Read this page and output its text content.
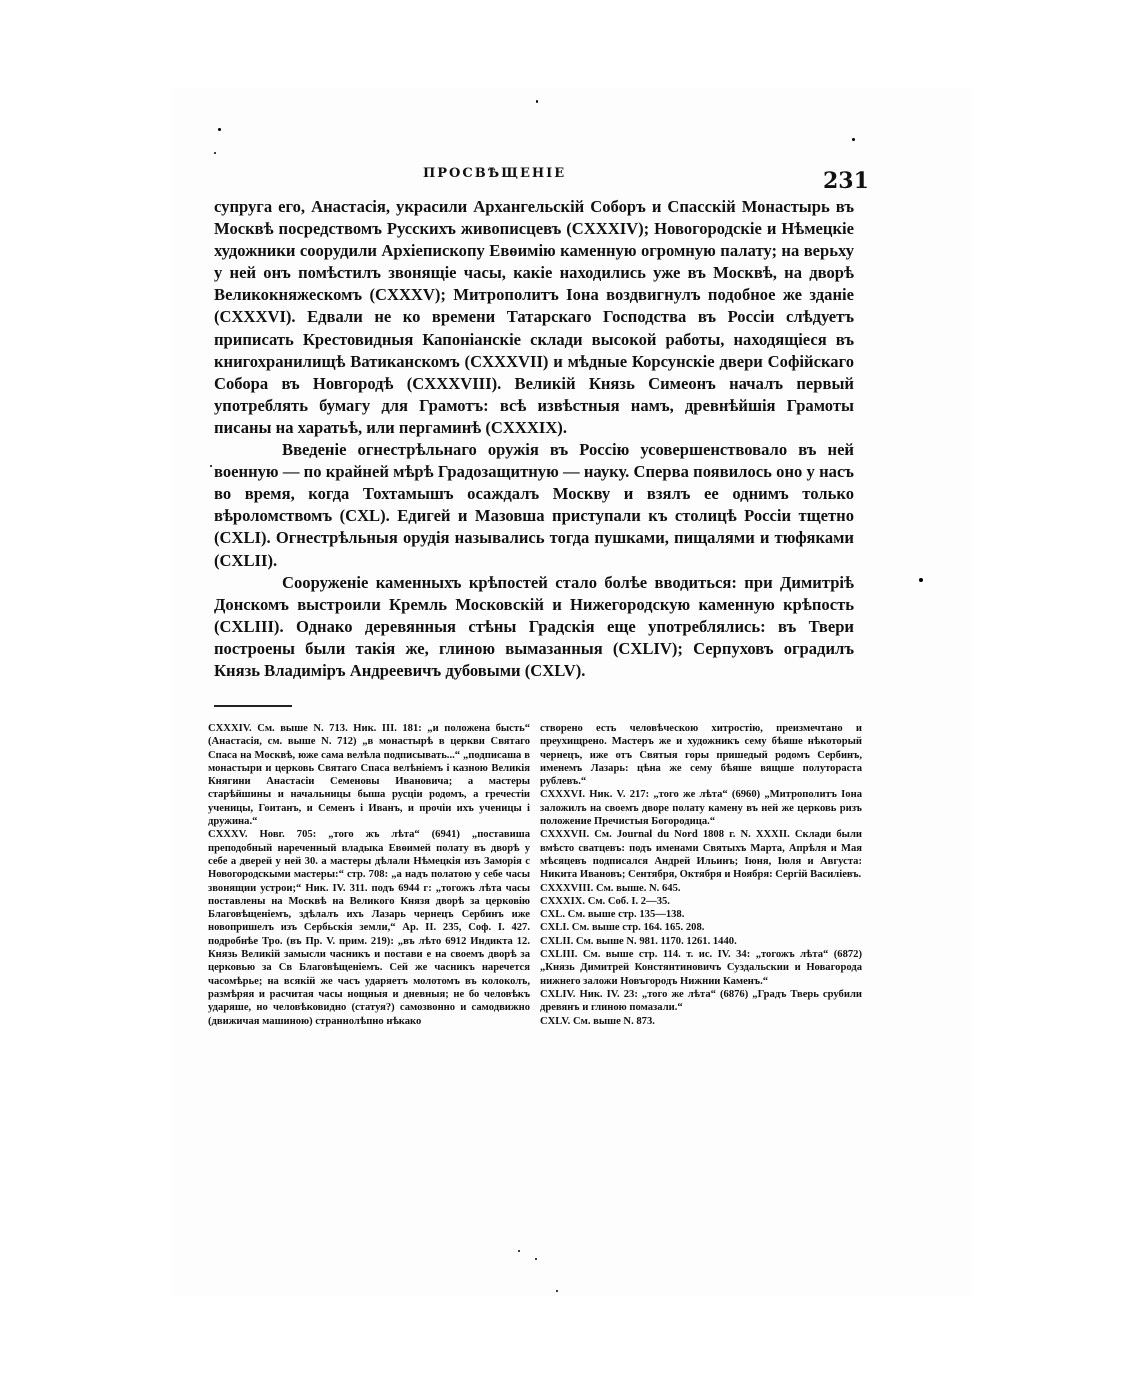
ПРОСВѢЩЕНІЕ	231

супруга его, Анастасія, украсили Архангельскій Соборъ и Спасскій Монастырь въ Москвѣ посредствомъ Русскихъ живописцевъ (CXXXIV); Новогородскіе и Нѣмецкіе художники соорудили Архіепископу Евѳимію каменную огромную палату; на верьху у ней онъ помѣстилъ звонящіе часы, какіе находились уже въ Москвѣ, на дворѣ Великокняжескомъ (CXXXV); Митрополитъ Іона воздвигнулъ подобное же зданіе (CXXXVI). Едвали не ко времени Татарскаго Господства въ Россіи слѣдуетъ приписать Крестовидныя Капоніанскіе склади высокой работы, находящіеся въ книгохранилищѣ Ватиканскомъ (CXXXVII) и мѣдные Корсунскіе двери Софійскаго Собора въ Новгородѣ (CXXXVIII). Великій Князь Симеонъ началъ первый употреблять бумагу для Грамотъ: всѣ извѣстныя намъ, древнѣйшія Грамоты писаны на харатьѣ, или пергаминѣ (CXXXIX).

Введеніе огнестрѣльнаго оружія въ Россію усовершенствовало въ ней военную — по крайней мѣрѣ Градозащитную — науку. Сперва появилось оно у насъ во время, когда Тохтамышъ осаждалъ Москву и взялъ ее однимъ только вѣроломствомъ (CXL). Едигей и Мазовша приступали къ столицѣ Россіи тщетно (CXLI). Огнестрѣльныя орудія назывались тогда пушками, пищалями и тюфяками (CXLII).

Сооруженіе каменныхъ крѣпостей стало болѣе вводиться: при Димитріѣ Донскомъ выстроили Кремль Московскій и Нижегородскую каменную крѣпость (CXLIII). Однако деревянныя стѣны Градскія еще употреблялись: въ Твери построены были такія же, глиною вымазанныя (CXLIV); Серпуховъ оградилъ Князь Владиміръ Андреевичъ дубовыми (CXLV).

CXXXIV. См. выше N. 713. Ник. III. 181: „и положена бысть“ (Анастасія, см. выше N. 712) „в монастырѣ в церкви Святаго Спаса на Москвѣ, юже сама велѣла подписывать...“ „подписаша в монастыри и церковь Святаго Спаса велѣніемъ і казною Великія Княгини Анастасіи Семеновы Ивановича; а мастеры старѣйшины и начальницы быша русціи родомъ, а гречестіи ученицы, Гоитанъ, и Семенъ і Иванъ, и прочіи ихъ ученицы і дружина.“

CXXXV. Новг. 705: „того жъ лѣта“ (6941) „поставиша преподобный нареченный владыка Евѳимей полату въ дворѣ у себе а дверей у ней 30. а мастеры дѣлали Нѣмецкія изъ Заморія с Новогородскыми мастеры:“ стр. 708: „а надъ полатою у себе часы звонящии устрои;“ Ник. IV. 311. подъ 6944 г: „тогожъ лѣта часы поставлены на Москвѣ на Великого Князя дворѣ за церковію Благовѣщеніемъ, здѣлалъ ихъ Лазарь чернецъ Сербинъ иже новопришелъ изъ Сербьскія земли,“ Ар. II. 235, Соф. I. 427. подробнѣе Тро. (въ Пр. V. прим. 219): „въ лѣто 6912 Индикта 12. Князь Великій замысли часникъ и постави е на своемъ дворѣ за церковью за Св Благовѣщеніемъ. Сей же часникъ наречется часомѣрье; на всякій же часъ ударяетъ молотомъ въ колоколъ, размѣряя и расчитая часы нощныя и дневныя; не бо человѣкъ ударяше, но человѣковидно (статуя?) самозвонно и самодвижно (движичая машиною) страннолѣпно нѣкако

створено есть человѣческою хитростію, преизмечтано и преухищрено. Мастеръ же и художникъ сему бѣяше нѣкоторый чернецъ, иже отъ Святыя горы пришедый родомъ Сербинъ, именемъ Лазарь: цѣна же сему бѣяше вящше полутораста рублевъ.“

CXXXVI. Ник. V. 217: „того же лѣта“ (6960) „Митрополитъ Іона заложилъ на своемъ дворе полату камену въ ней же церковь ризъ положение Пречистыя Богородица.“

CXXXVII. См. Journal du Nord 1808 г. N. XXXII. Склади были вмѣсто сватцевъ: подъ именами Святыхъ Марта, Апрѣля и Мая мѣсяцевъ подписался Андрей Ильинъ; Іюня, Іюля и Августа: Никита Ивановъ; Сентября, Октября и Ноября: Сергій Василіевъ.

CXXXVIII. См. выше. N. 645.

CXXXIX. См. Соб. I. 2—35.

CXL. См. выше стр. 135—138.

CXLI. См. выше стр. 164. 165. 208.

CXLII. См. выше N. 981. 1170. 1261. 1440.

CXLIII. См. выше стр. 114. т. ис. IV. 34: „тогожъ лѣта“ (6872) „Князь Димитрей Констянтиновичъ Суздальскии и Новагорода нижнего заложи Новъгородъ Нижнии Каменъ.“

CXLIV. Ник. IV. 23: „того же лѣта“ (6876) „Градъ Тверь срубили древянъ и глиною помазали.“

CXLV. См. выше N. 873.
